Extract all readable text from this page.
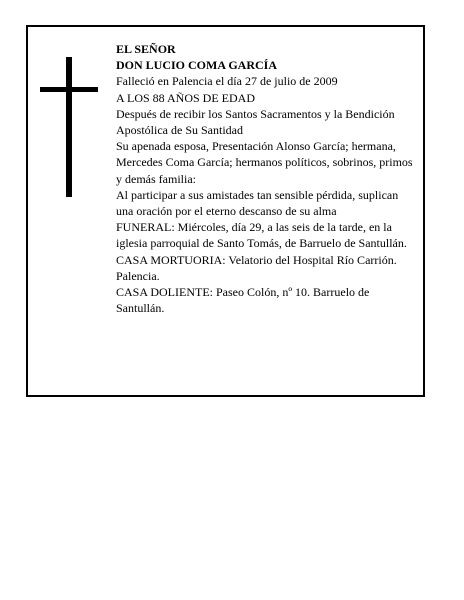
EL SEÑOR

DON LUCIO COMA GARCÍA

Falleció en Palencia el día 27 de julio de 2009

A LOS 88 AÑOS DE EDAD

Después de recibir los Santos Sacramentos y la Bendición Apostólica de Su Santidad

Su apenada esposa, Presentación Alonso García; hermana, Mercedes Coma García; hermanos políticos, sobrinos, primos y demás familia:

Al participar a sus amistades tan sensible pérdida, suplican una oración por el eterno descanso de su alma

FUNERAL: Miércoles, día 29, a las seis de la tarde, en la iglesia parroquial de Santo Tomás, de Barruelo de Santullán.

CASA MORTUORIA: Velatorio del Hospital Río Carrión. Palencia.

CASA DOLIENTE: Paseo Colón, nº 10. Barruelo de Santullán.
